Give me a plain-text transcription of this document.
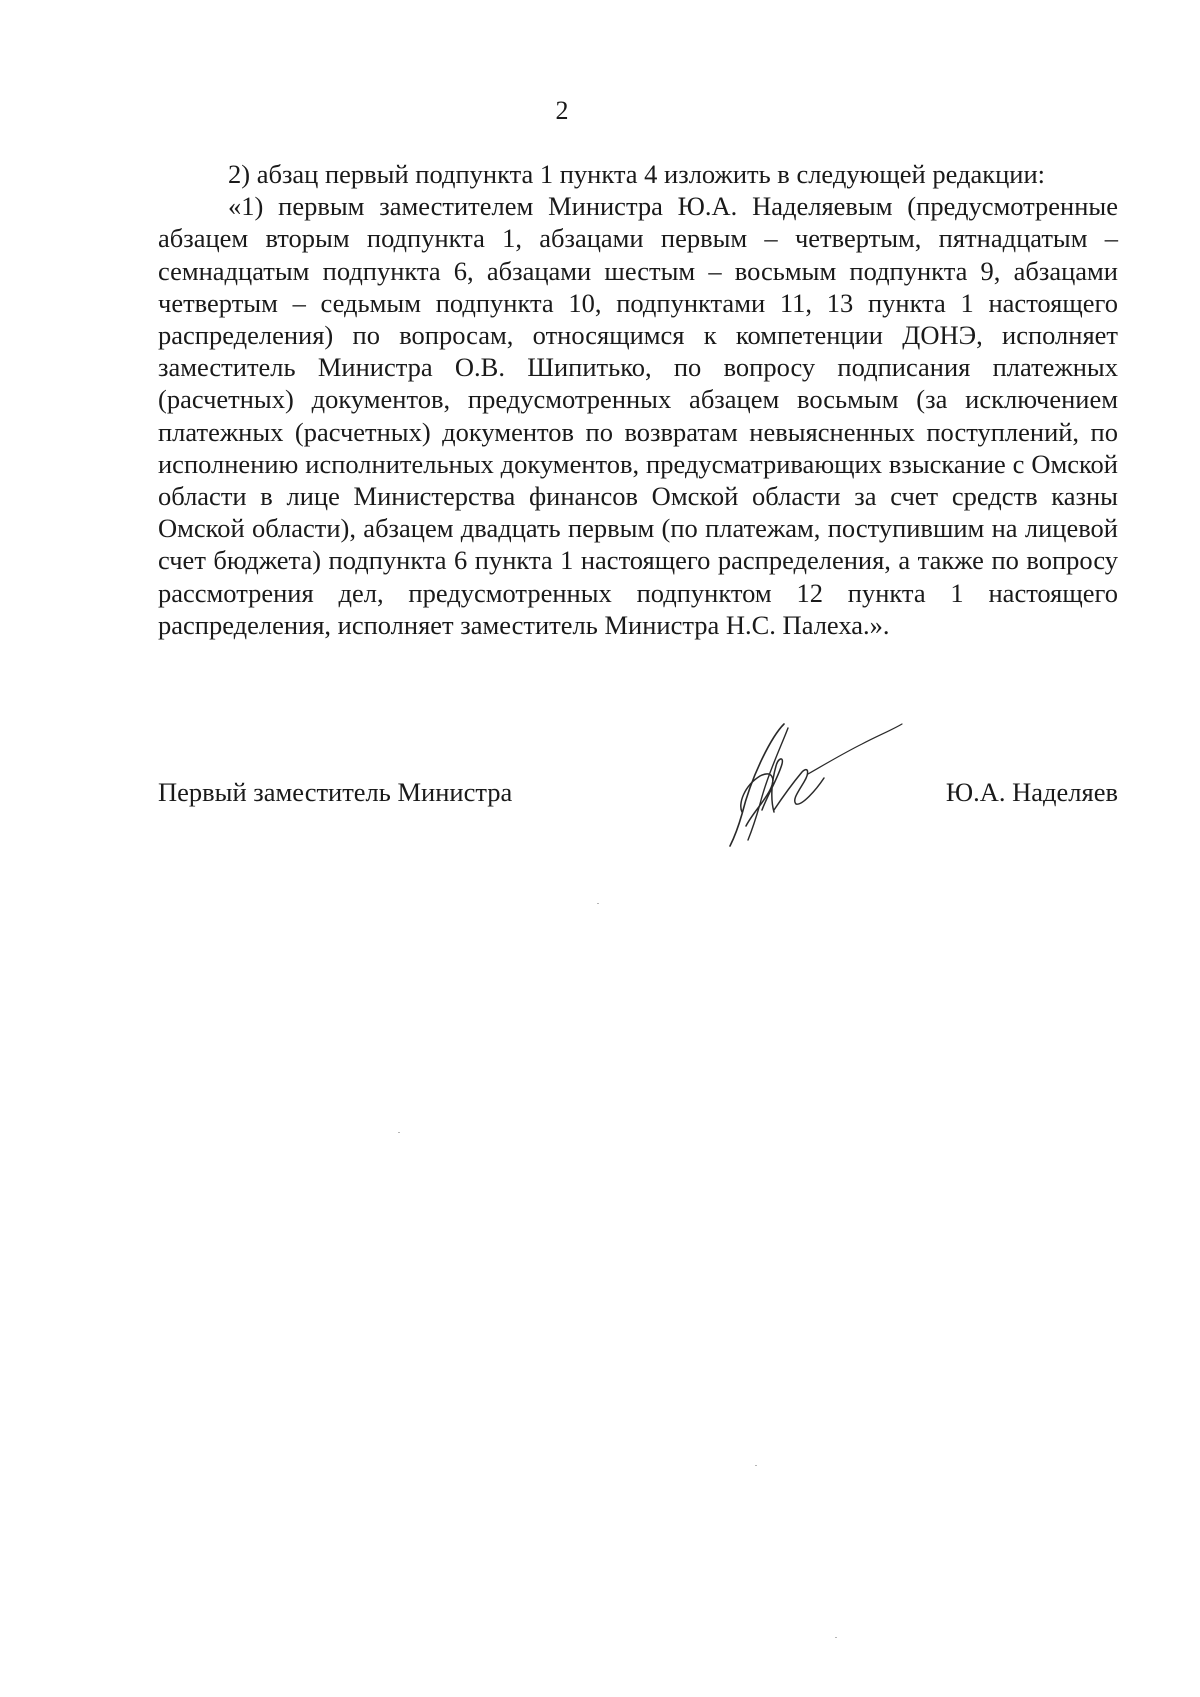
2

2) абзац первый подпункта 1 пункта 4 изложить в следующей редакции:

«1) первым заместителем Министра Ю.А. Наделяевым (предусмотренные абзацем вторым подпункта 1, абзацами первым – четвертым, пятнадцатым – семнадцатым подпункта 6, абзацами шестым – восьмым подпункта 9, абзацами четвертым – седьмым подпункта 10, подпунктами 11, 13 пункта 1 настоящего распределения) по вопросам, относящимся к компетенции ДОНЭ, исполняет заместитель Министра О.В. Шипитько, по вопросу подписания платежных (расчетных) документов, предусмотренных абзацем восьмым (за исключением платежных (расчетных) документов по возвратам невыясненных поступлений, по исполнению исполнительных документов, предусматривающих взыскание с Омской области в лице Министерства финансов Омской области за счет средств казны Омской области), абзацем двадцать первым (по платежам, поступившим на лицевой счет бюджета) подпункта 6 пункта 1 настоящего распределения, а также по вопросу рассмотрения дел, предусмотренных подпунктом 12 пункта 1 настоящего распределения, исполняет заместитель Министра Н.С. Палеха.».

Первый заместитель Министра	Ю.А. Наделяев
